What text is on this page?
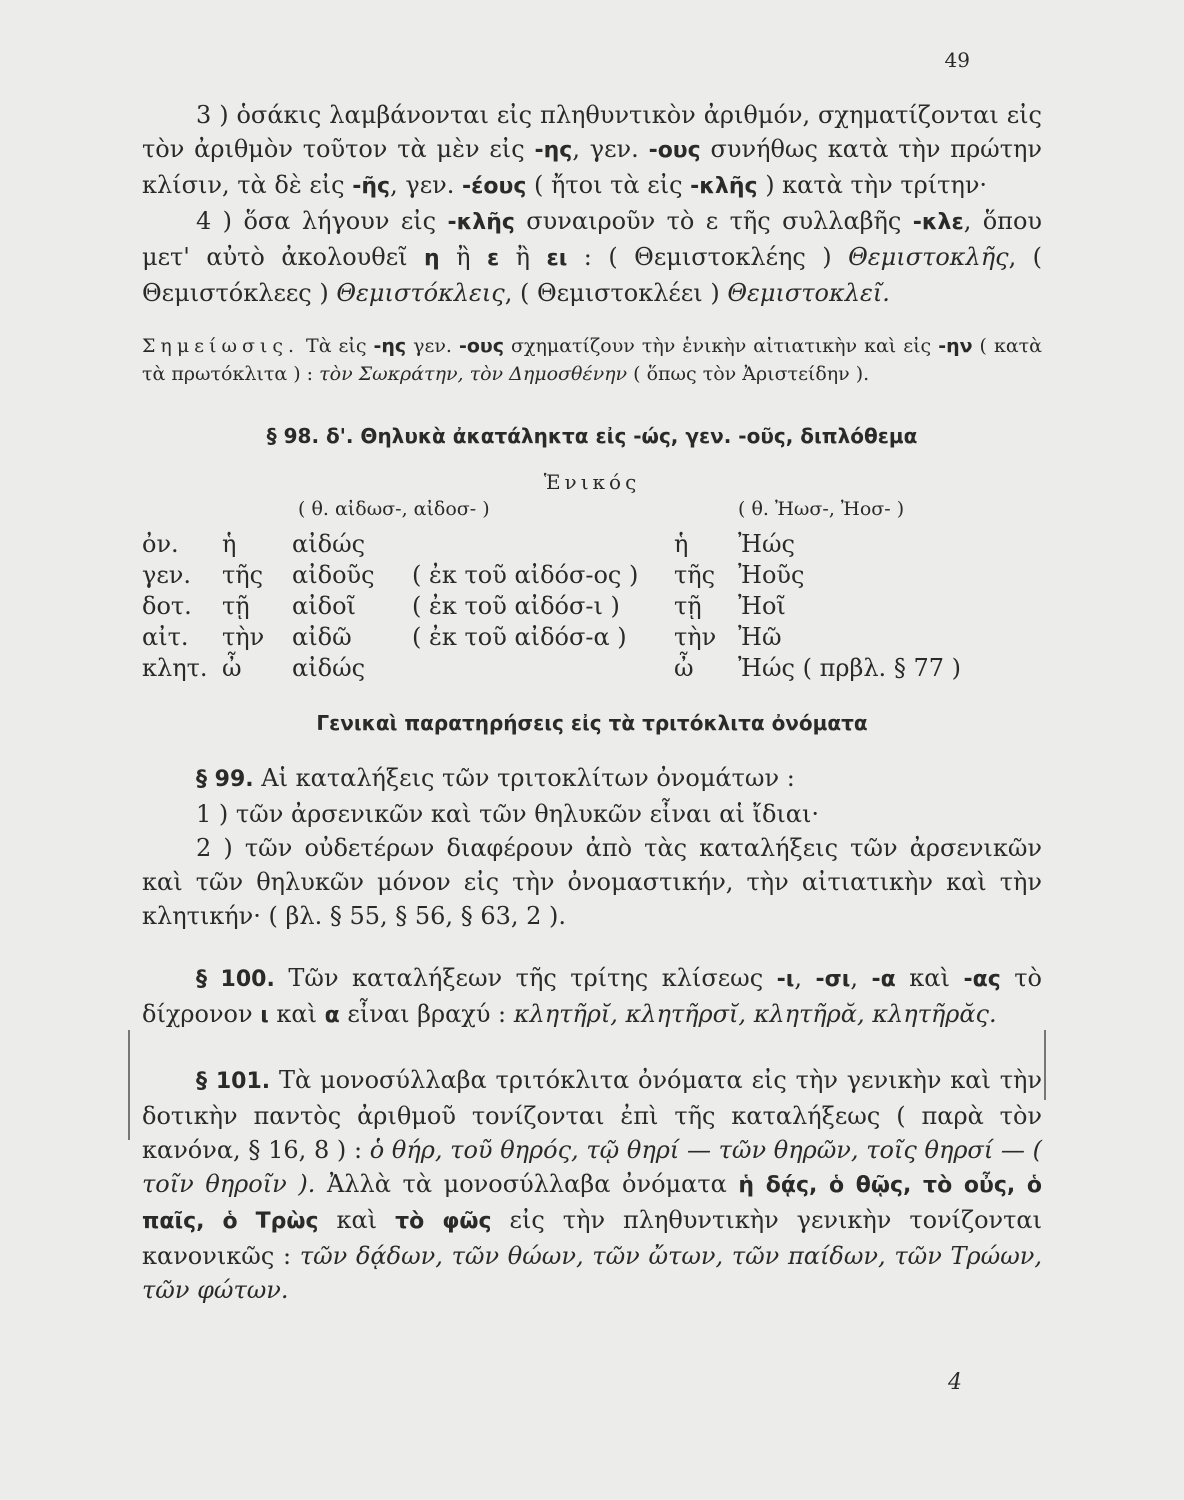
49

3 ) ὁσάκις λαμβάνονται εἰς πληθυντικὸν ἀριθμόν, σχηματίζονται εἰς τὸν ἀριθμὸν τοῦτον τὰ μὲν εἰς -ης, γεν. -ους συνήθως κατὰ τὴν πρώτην κλίσιν, τὰ δὲ εἰς -ῆς, γεν. -έους ( ἤτοι τὰ εἰς -κλῆς ) κατὰ τὴν τρίτην·

4 ) ὅσα λήγουν εἰς -κλῆς συναιροῦν τὸ ε τῆς συλλαβῆς -κλε, ὅπου μετ' αὐτὸ ἀκολουθεῖ η ἢ ε ἢ ει : ( Θεμιστοκλέης ) Θεμιστοκλῆς, ( Θεμιστόκλεες ) Θεμιστόκλεις, ( Θεμιστοκλέει ) Θεμιστοκλεῖ.

Σημείωσις. Τὰ εἰς -ης γεν. -ους σχηματίζουν τὴν ἑνικὴν αἰτιατικὴν καὶ εἰς -ην ( κατὰ τὰ πρωτόκλιτα ) : τὸν Σωκράτην, τὸν Δημοσθένην ( ὅπως τὸν Ἀριστείδην ).

§ 98. δ'. Θηλυκὰ ἀκατάληκτα εἰς -ώς, γεν. -οῦς, διπλόθεμα
Ἑνικός
( θ. αἰδωσ-, αἰδοσ- )	( θ. Ἠωσ-, Ἠοσ- )
ὀν.	ἡ	αἰδώς		ἡ	Ἠώς
γεν.	τῆς	αἰδοῦς	( ἐκ τοῦ αἰδόσ-ος )	τῆς	Ἠοῦς
δοτ.	τῇ	αἰδοῖ	( ἐκ τοῦ αἰδόσ-ι )	τῇ	Ἠοῖ
αἰτ.	τὴν	αἰδῶ	( ἐκ τοῦ αἰδόσ-α )	τὴν	Ἠῶ
κλητ.	ὦ	αἰδώς		ὦ	Ἠώς ( πρβλ. § 77 )
Γενικαὶ παρατηρήσεις εἰς τὰ τριτόκλιτα ὀνόματα

§ 99. Αἱ καταλήξεις τῶν τριτοκλίτων ὀνομάτων :

1 ) τῶν ἀρσενικῶν καὶ τῶν θηλυκῶν εἶναι αἱ ἴδιαι·

2 ) τῶν οὐδετέρων διαφέρουν ἀπὸ τὰς καταλήξεις τῶν ἀρσενικῶν καὶ τῶν θηλυκῶν μόνον εἰς τὴν ὀνομαστικήν, τὴν αἰτιατικὴν καὶ τὴν κλητικήν· ( βλ. § 55, § 56, § 63, 2 ).

§ 100. Τῶν καταλήξεων τῆς τρίτης κλίσεως -ι, -σι, -α καὶ -ας τὸ δίχρονον ι καὶ α εἶναι βραχύ : κλητῆρῐ, κλητῆρσῐ, κλητῆρᾰ, κλητῆρᾰς.

§ 101. Τὰ μονοσύλλαβα τριτόκλιτα ὀνόματα εἰς τὴν γενικὴν καὶ τὴν δοτικὴν παντὸς ἀριθμοῦ τονίζονται ἐπὶ τῆς καταλήξεως ( παρὰ τὸν κανόνα, § 16, 8 ) : ὁ θήρ, τοῦ θηρός, τῷ θηρί — τῶν θηρῶν, τοῖς θηρσί — ( τοῖν θηροῖν ). Ἀλλὰ τὰ μονοσύλλαβα ὀνόματα ἡ δᾴς, ὁ θῷς, τὸ οὖς, ὁ παῖς, ὁ Τρὼς καὶ τὸ φῶς εἰς τὴν πληθυντικὴν γενικὴν τονίζονται κανονικῶς : τῶν δᾴδων, τῶν θώων, τῶν ὤτων, τῶν παίδων, τῶν Τρώων, τῶν φώτων.

4
